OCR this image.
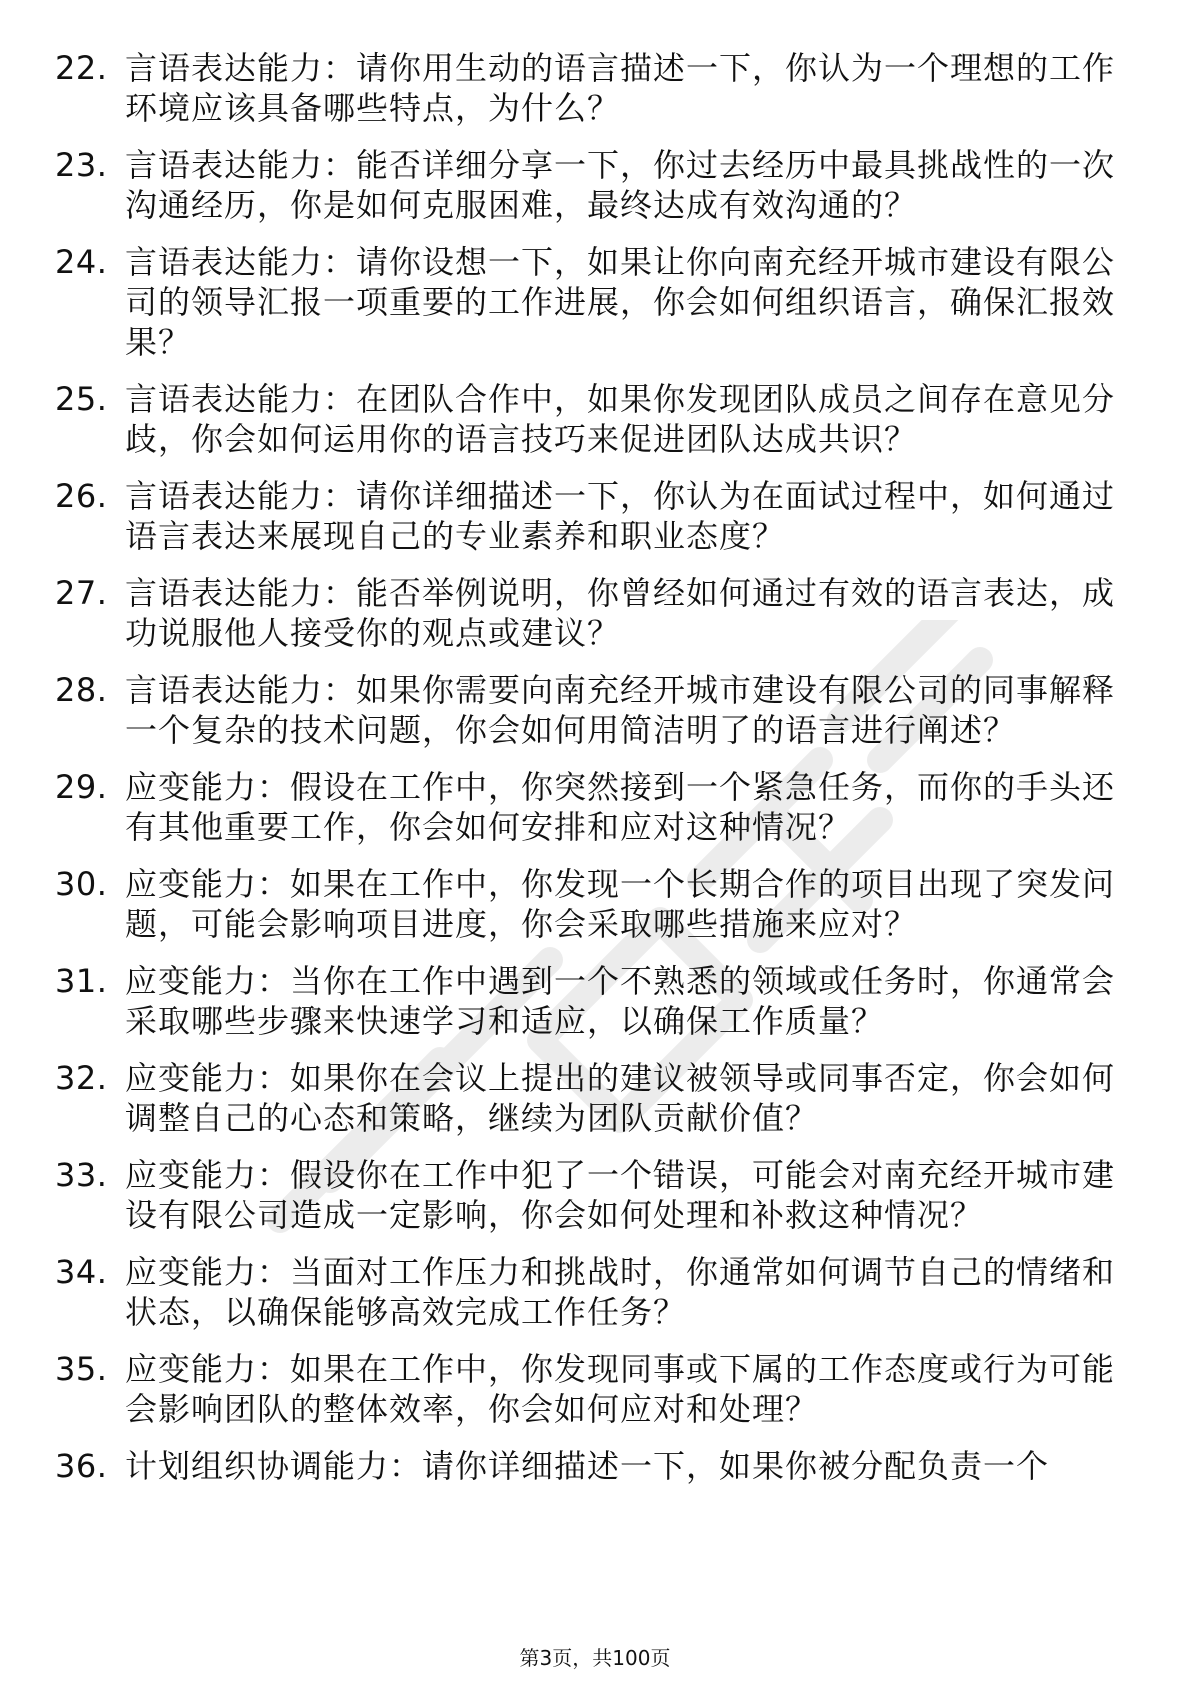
22. 言语表达能力：请你用生动的语言描述一下，你认为一个理想的工作环境应该具备哪些特点，为什么？
23. 言语表达能力：能否详细分享一下，你过去经历中最具挑战性的一次沟通经历，你是如何克服困难，最终达成有效沟通的？
24. 言语表达能力：请你设想一下，如果让你向南充经开城市建设有限公司的领导汇报一项重要的工作进展，你会如何组织语言，确保汇报效果？
25. 言语表达能力：在团队合作中，如果你发现团队成员之间存在意见分歧，你会如何运用你的语言技巧来促进团队达成共识？
26. 言语表达能力：请你详细描述一下，你认为在面试过程中，如何通过语言表达来展现自己的专业素养和职业态度？
27. 言语表达能力：能否举例说明，你曾经如何通过有效的语言表达，成功说服他人接受你的观点或建议？
28. 言语表达能力：如果你需要向南充经开城市建设有限公司的同事解释一个复杂的技术问题，你会如何用简洁明了的语言进行阐述？
29. 应变能力：假设在工作中，你突然接到一个紧急任务，而你的手头还有其他重要工作，你会如何安排和应对这种情况？
30. 应变能力：如果在工作中，你发现一个长期合作的项目出现了突发问题，可能会影响项目进度，你会采取哪些措施来应对？
31. 应变能力：当你在工作中遇到一个不熟悉的领域或任务时，你通常会采取哪些步骤来快速学习和适应，以确保工作质量？
32. 应变能力：如果你在会议上提出的建议被领导或同事否定，你会如何调整自己的心态和策略，继续为团队贡献价值？
33. 应变能力：假设你在工作中犯了一个错误，可能会对南充经开城市建设有限公司造成一定影响，你会如何处理和补救这种情况？
34. 应变能力：当面对工作压力和挑战时，你通常如何调节自己的情绪和状态，以确保能够高效完成工作任务？
35. 应变能力：如果在工作中，你发现同事或下属的工作态度或行为可能会影响团队的整体效率，你会如何应对和处理？
36. 计划组织协调能力：请你详细描述一下，如果你被分配负责一个
第3页，共100页
